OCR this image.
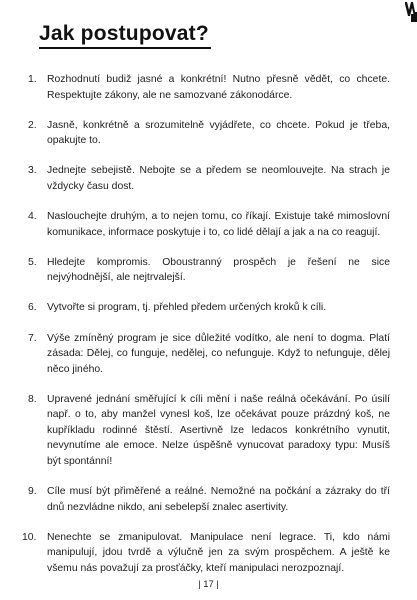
Jak postupovat?
1. Rozhodnutí budiž jasné a konkrétní! Nutno přesně vědět, co chcete. Respektujte zákony, ale ne samozvané zákonodárce.
2. Jasně, konkrétně a srozumitelně vyjádřete, co chcete. Pokud je třeba, opakujte to.
3. Jednejte sebejistě. Nebojte se a předem se neomlouvejte. Na strach je vždycky času dost.
4. Naslouchejte druhým, a to nejen tomu, co říkají. Existuje také mimoslovní komunikace, informace poskytuje i to, co lidé dělají a jak a na co reagují.
5. Hledejte kompromis. Oboustranný prospěch je řešení ne sice nejvýhodnější, ale nejtrvalejší.
6. Vytvořte si program, tj. přehled předem určených kroků k cíli.
7. Výše zmíněný program je sice důležité vodítko, ale není to dogma. Platí zásada: Dělej, co funguje, nedělej, co nefunguje. Když to nefunguje, dělej něco jiného.
8. Upravené jednání směřující k cíli mění i naše reálná očekávání. Po úsilí např. o to, aby manžel vynesl koš, lze očekávat pouze prázdný koš, ne kupříkladu rodinné štěstí. Asertivně lze ledacos konkrétního vynutit, nevynutíme ale emoce. Nelze úspěšně vynucovat paradoxy typu: Musíš být spontánní!
9. Cíle musí být přiměřené a reálné. Nemožné na počkání a zázraky do tří dnů nezvládne nikdo, ani sebelepší znalec asertivity.
10. Nenechte se zmanipulovat. Manipulace není legrace. Ti, kdo námi manipulují, jdou tvrdě a výlučně jen za svým prospěchem. A ještě ke všemu nás považují za prosťáčky, kteří manipulaci nerozpoznají.
| 17 |
